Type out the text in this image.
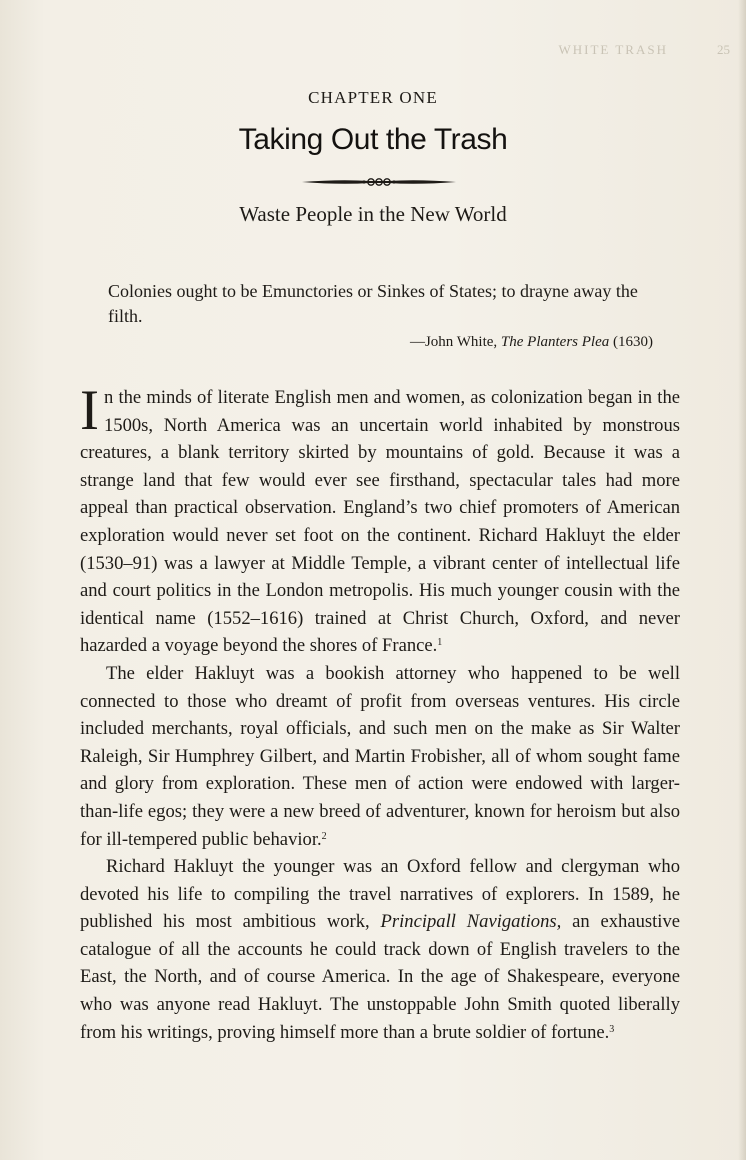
WHITE TRASH	25
CHAPTER ONE
Taking Out the Trash
Waste People in the New World
Colonies ought to be Emunctories or Sinkes of States; to drayne away the filth.
—John White, The Planters Plea (1630)

In the minds of literate English men and women, as colonization began in the 1500s, North America was an uncertain world inhabited by monstrous creatures, a blank territory skirted by mountains of gold. Because it was a strange land that few would ever see firsthand, spectacular tales had more appeal than practical observation. England’s two chief promoters of American exploration would never set foot on the continent. Richard Hakluyt the elder (1530–91) was a lawyer at Middle Temple, a vibrant center of intellectual life and court politics in the London metropolis. His much younger cousin with the identical name (1552–1616) trained at Christ Church, Oxford, and never hazarded a voyage beyond the shores of France.$^1$

The elder Hakluyt was a bookish attorney who happened to be well connected to those who dreamt of profit from overseas ventures. His circle included merchants, royal officials, and such men on the make as Sir Walter Raleigh, Sir Humphrey Gilbert, and Martin Frobisher, all of whom sought fame and glory from exploration. These men of action were endowed with larger-than-life egos; they were a new breed of adventurer, known for heroism but also for ill-tempered public behavior.$^2$

Richard Hakluyt the younger was an Oxford fellow and clergyman who devoted his life to compiling the travel narratives of explorers. In 1589, he published his most ambitious work, Principall Navigations, an exhaustive catalogue of all the accounts he could track down of English travelers to the East, the North, and of course America. In the age of Shakespeare, everyone who was anyone read Hakluyt. The unstoppable John Smith quoted liberally from his writings, proving himself more than a brute soldier of fortune.$^3$
